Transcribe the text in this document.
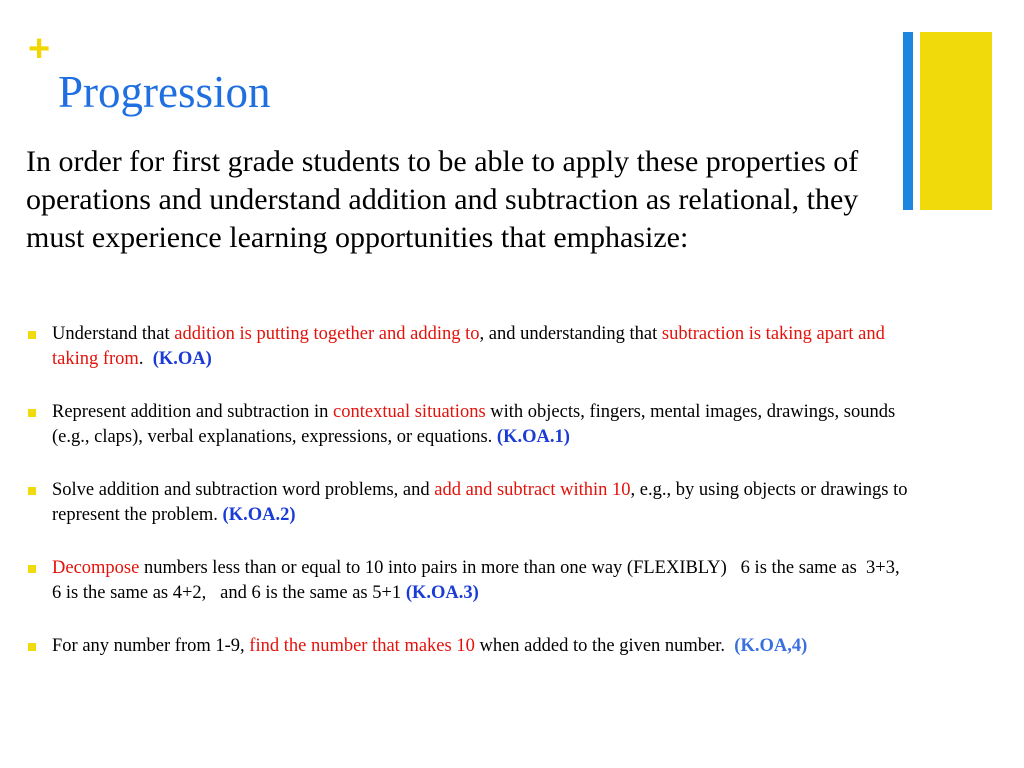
+
Progression

In order for first grade students to be able to apply these properties of operations and understand addition and subtraction as relational, they must experience learning opportunities that emphasize:

Understand that addition is putting together and adding to, and understanding that subtraction is taking apart and taking from.  (K.OA)
Represent addition and subtraction in contextual situations with objects, fingers, mental images, drawings, sounds (e.g., claps), verbal explanations, expressions, or equations. (K.OA.1)
Solve addition and subtraction word problems, and add and subtract within 10, e.g., by using objects or drawings to represent the problem. (K.OA.2)
Decompose numbers less than or equal to 10 into pairs in more than one way (FLEXIBLY)   6 is the same as  3+3,   6 is the same as 4+2,   and 6 is the same as 5+1 (K.OA.3)
For any number from 1-9, find the number that makes 10 when added to the given number.  (K.OA,4)
